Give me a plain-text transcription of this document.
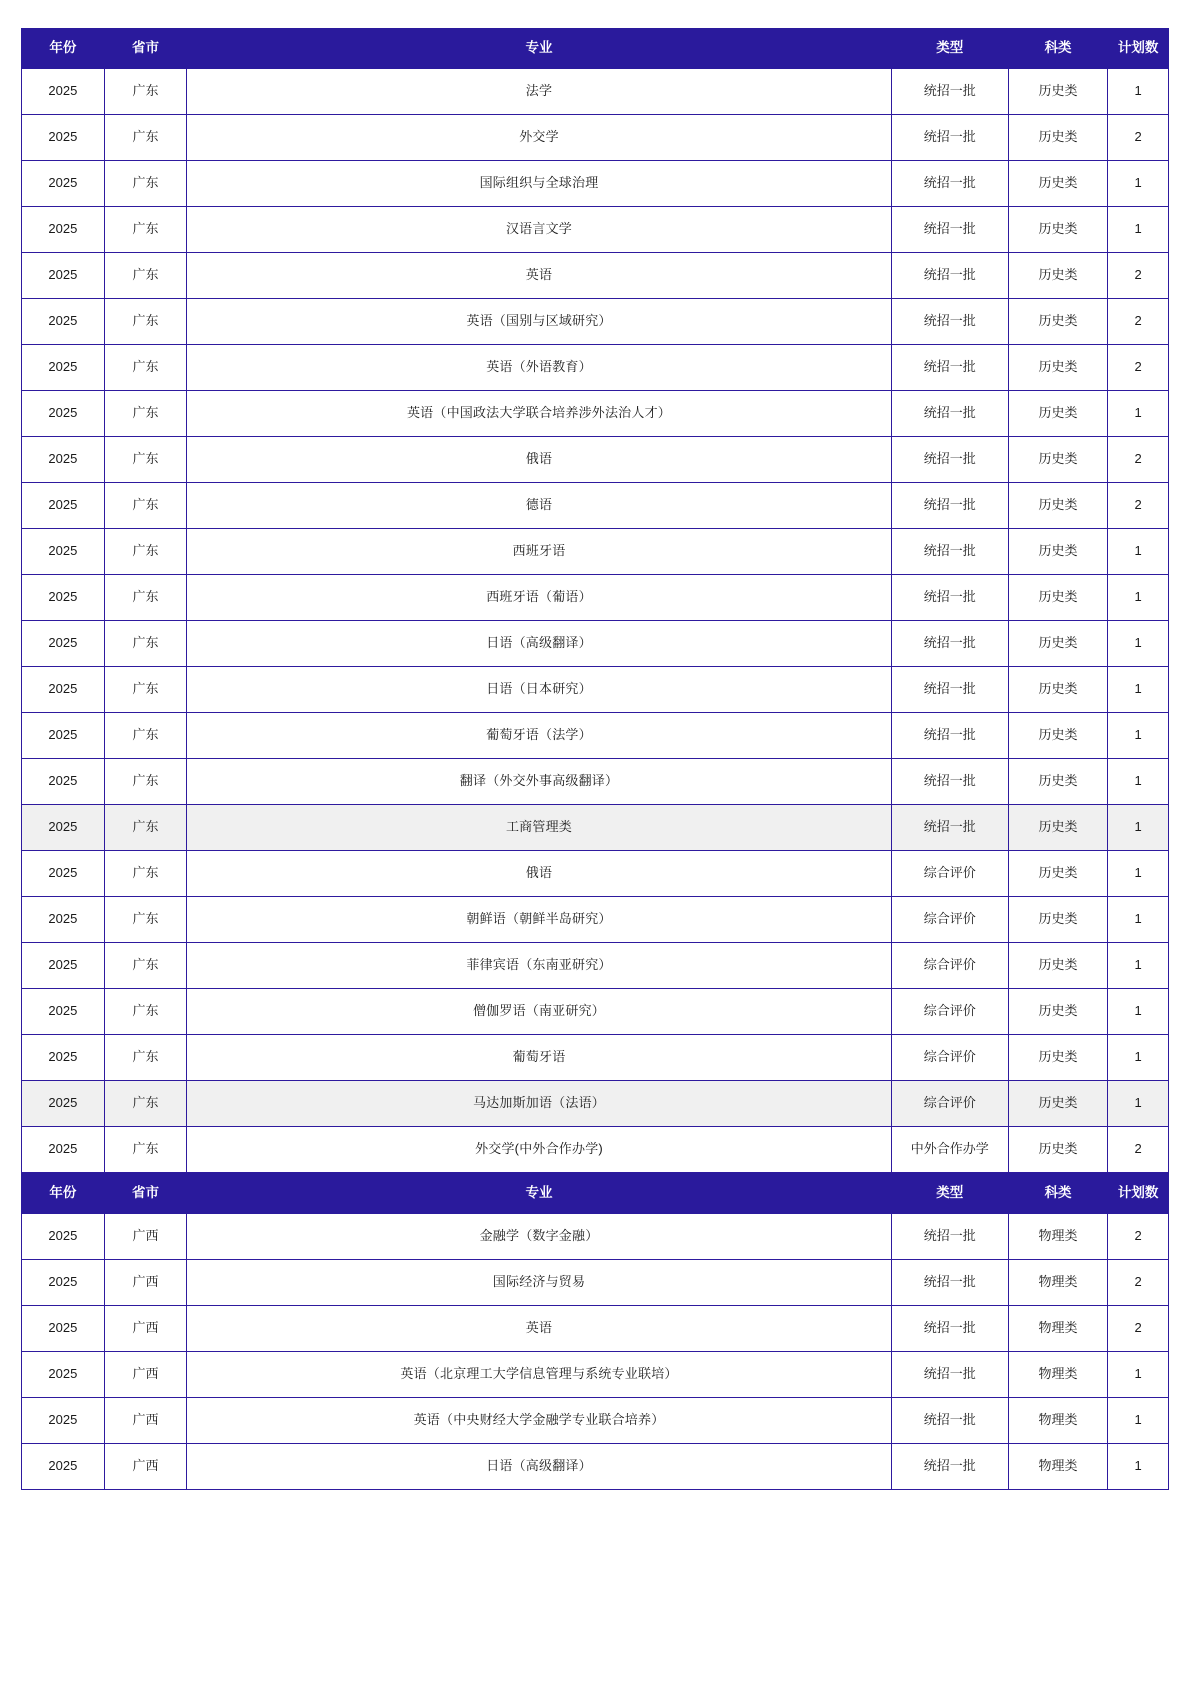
年份	省市	专业	类型	科类	计划数
2025	广东	法学	统招一批	历史类	1
2025	广东	外交学	统招一批	历史类	2
2025	广东	国际组织与全球治理	统招一批	历史类	1
2025	广东	汉语言文学	统招一批	历史类	1
2025	广东	英语	统招一批	历史类	2
2025	广东	英语（国别与区域研究）	统招一批	历史类	2
2025	广东	英语（外语教育）	统招一批	历史类	2
2025	广东	英语（中国政法大学联合培养涉外法治人才）	统招一批	历史类	1
2025	广东	俄语	统招一批	历史类	2
2025	广东	德语	统招一批	历史类	2
2025	广东	西班牙语	统招一批	历史类	1
2025	广东	西班牙语（葡语）	统招一批	历史类	1
2025	广东	日语（高级翻译）	统招一批	历史类	1
2025	广东	日语（日本研究）	统招一批	历史类	1
2025	广东	葡萄牙语（法学）	统招一批	历史类	1
2025	广东	翻译（外交外事高级翻译）	统招一批	历史类	1
2025	广东	工商管理类	统招一批	历史类	1
2025	广东	俄语	综合评价	历史类	1
2025	广东	朝鲜语（朝鲜半岛研究）	综合评价	历史类	1
2025	广东	菲律宾语（东南亚研究）	综合评价	历史类	1
2025	广东	僧伽罗语（南亚研究）	综合评价	历史类	1
2025	广东	葡萄牙语	综合评价	历史类	1
2025	广东	马达加斯加语（法语）	综合评价	历史类	1
2025	广东	外交学(中外合作办学)	中外合作办学	历史类	2
年份	省市	专业	类型	科类	计划数
2025	广西	金融学（数字金融）	统招一批	物理类	2
2025	广西	国际经济与贸易	统招一批	物理类	2
2025	广西	英语	统招一批	物理类	2
2025	广西	英语（北京理工大学信息管理与系统专业联培）	统招一批	物理类	1
2025	广西	英语（中央财经大学金融学专业联合培养）	统招一批	物理类	1
2025	广西	日语（高级翻译）	统招一批	物理类	1
